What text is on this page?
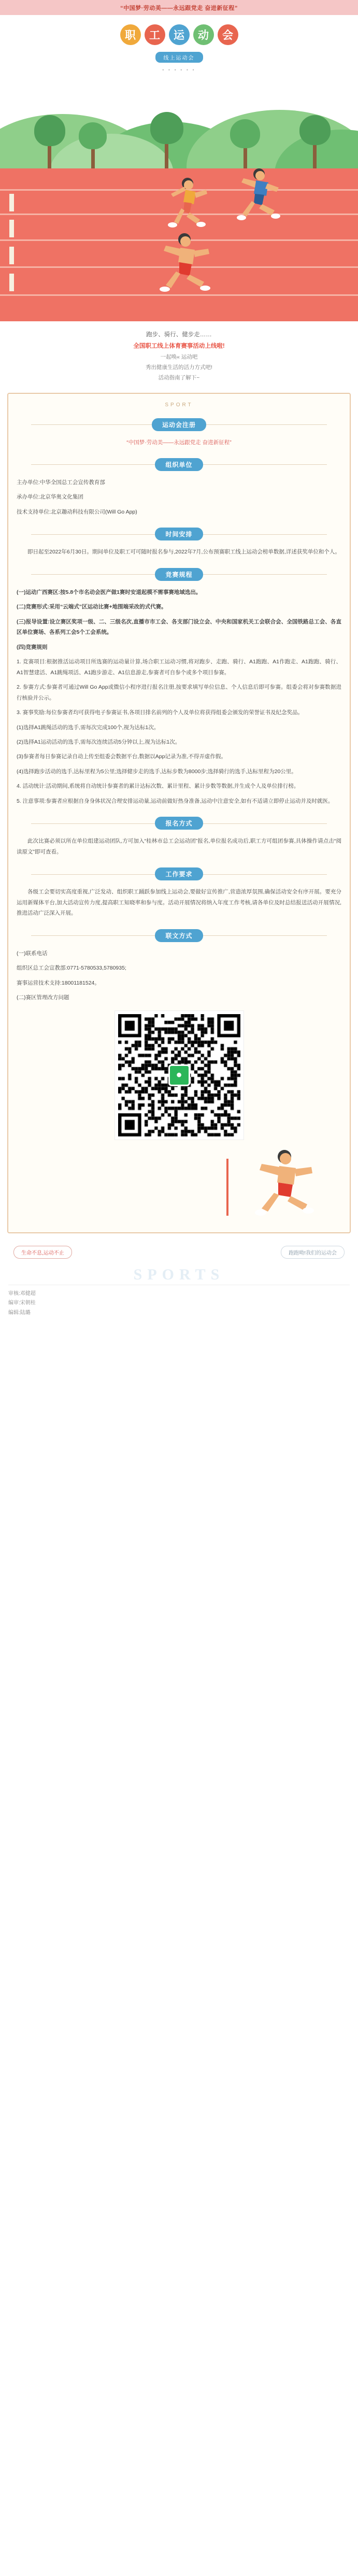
“中国梦·劳动美——永远跟党走 奋进新征程”
职	工	运	动	会
线上运动会
• • • • • •
跑步、骑行、健步走……
全国职工线上体育赛事活动上线啦!
一起唤« 运动吧
秀出健康生活的活力方式吧!
活动指南了解下~
SPORT
运动会注册

“中国梦·劳动美——永远跟党走 奋进新征程”

组织单位

主办单位:中华全国总工会宣传教育部

承办单位:北京华奥文化集团

技术支持单位:北京趣动科技有限公司(Will Go App)

时间安排

即日起至2022年6月30日。期间单位及职工可可随时报名参与,2022年7月,公布预赛职工线上运动会榜单数据,详述获奖单位和个人。

竞赛规程

(一)运动广西赛区:按5.8个市名动会医产做1赛时安道起模不需事赛地域选出。

(二)竞赛形式:采用“云端式”区运动比赛+地围端采改的式代赛。

(三)报导设置:设立赛区奖项一级、二、三级名次,直播市市工会、各支部门设立会、中央和国家机关工会联合会、全国铁路总工会、各直区单位赛场、各系列工会5个工会系统。

(四)竞赛规则

1. 竞赛项目:根据推活运动项目所选赛的运动量计算,场合职工运动习惯,将对跑步、走跑、骑行、A1跑跑、A1作跑走、A1跑跑、骑行、A1智慧建活、A1跳绳项活、A1跑步游走、A1信息游走,参赛者可自参个或多个项目参赛。

2. 参赛方式:参赛者可通过Will Go App或微信小程序进行报名注册,按要求填写单位信息、个人信息后即可参赛。组委会将对参赛数据进行核验并公示。

3. 赛事奖励:每位参赛者均可获得电子参赛证书,各项目排名前列的个人及单位将获得组委会颁发的荣誉证书及纪念奖品。

(1)选择A1跳绳活动的选手,需每次完成100个,视为达标1次。

(2)选择A1运动活动的选手,需每次连续活动5分钟以上,视为达标1次。

(3)参赛者每日参赛记录自动上传至组委会数据平台,数据以App记录为准,不得弄虚作假。

(4)选择跑步活动的选手,达标里程为5公里;选择健步走的选手,达标步数为8000步;选择骑行的选手,达标里程为20公里。

4. 活动统计:活动期间,系统将自动统计参赛者的累计达标次数、累计里程、累计步数等数据,并生成个人及单位排行榜。

5. 注意事项:参赛者应根据自身身体状况合理安排运动量,运动前做好热身准备,运动中注意安全,如有不适请立即停止运动并及时就医。

报名方式

此次比赛必须以所在单位组建运动团队,方可加入“桂林市总工会运动团”报名,单位报名成功后,职工方可组团参赛,具体操作请点击“阅读原文”即可查看。

工作要求

各级工会要切实高度重视,广泛发动、组织职工踊跃参加线上运动会,要做好宣传推广,营造浓厚氛围,确保活动安全有序开展。要充分运用新媒体平台,加大活动宣传力度,提高职工知晓率和参与度。活动开展情况将纳入年度工作考核,请各单位及时总结报送活动开展情况,推进活动广泛深入开展。

联文方式

(一)联系电话

组织区总工会宣教部:0771-5780533,5780935;

赛事运营技术支持:18001181524。

(二)赛区管理改方问题

●
生命不息,运动不止	跑跑呦!我们的运动会
SPORTS
审核:邓健超
编审:宋朝桂
编辑:陆璐
